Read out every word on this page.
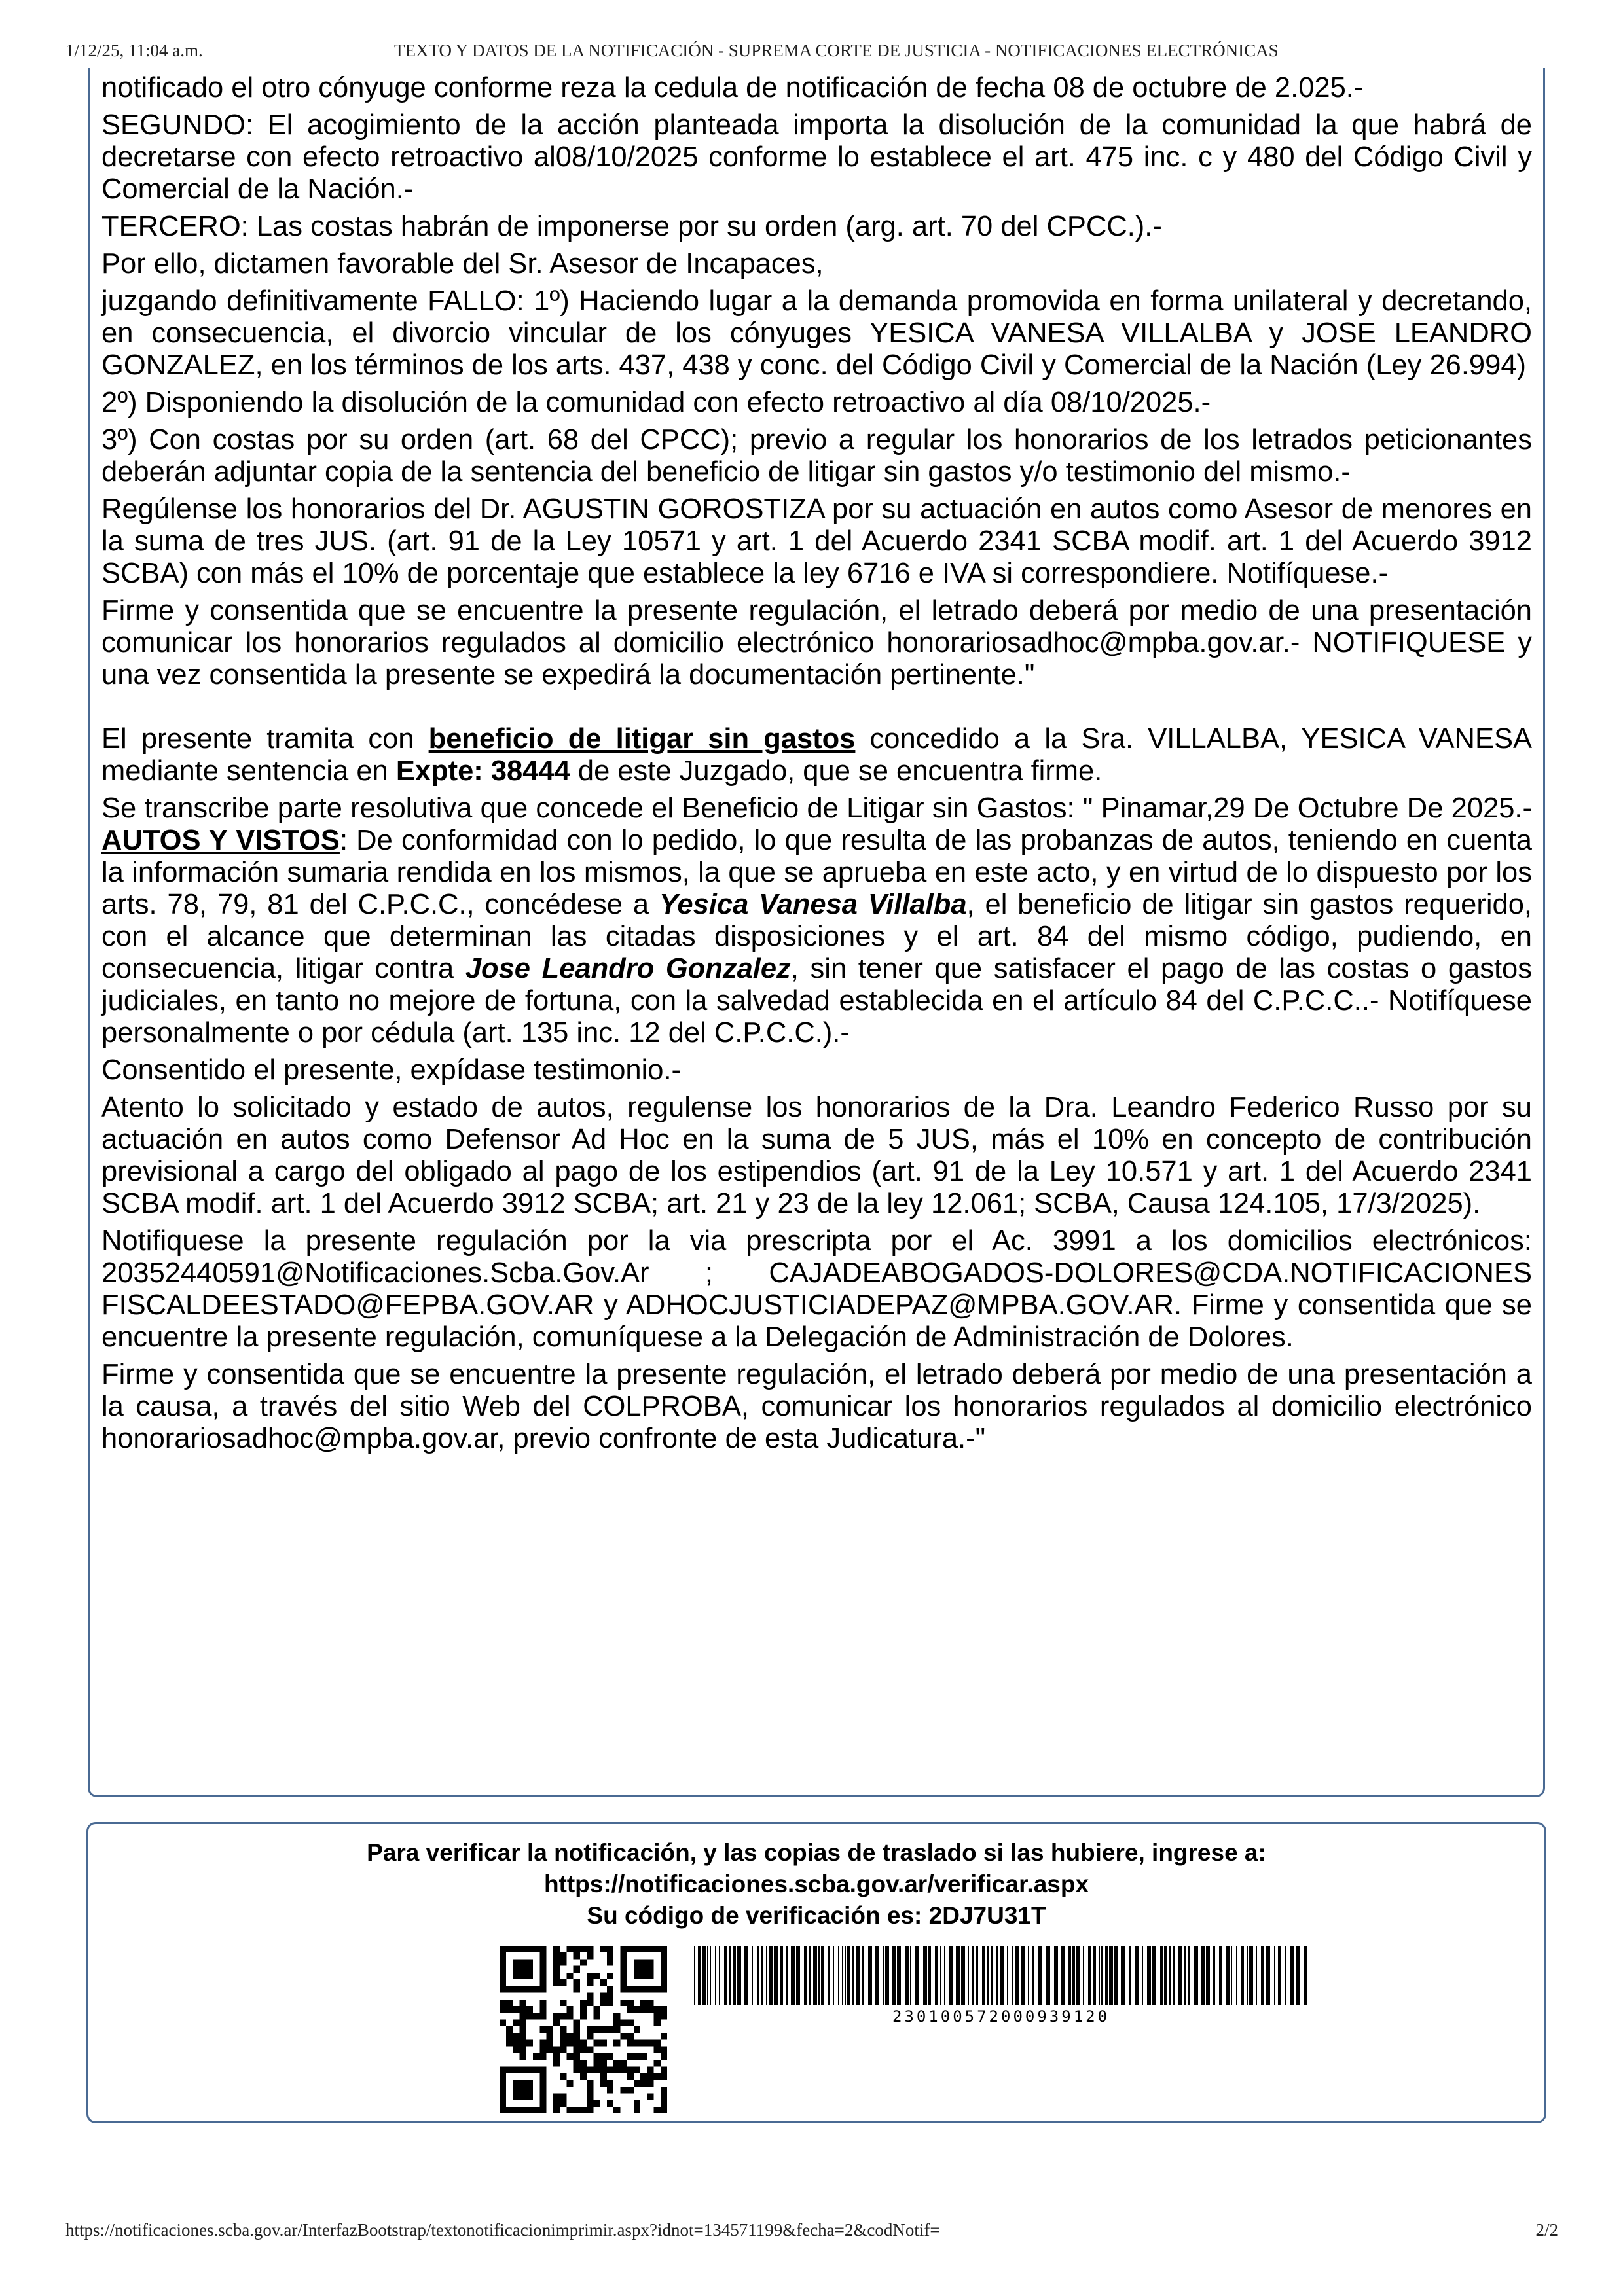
1/12/25, 11:04 a.m.	TEXTO Y DATOS DE LA NOTIFICACIÓN - SUPREMA CORTE DE JUSTICIA - NOTIFICACIONES ELECTRÓNICAS

notificado el otro cónyuge conforme reza la cedula de notificación de fecha 08 de octubre de 2.025.-

SEGUNDO: El acogimiento de la acción planteada importa la disolución de la comunidad la que habrá de decretarse con efecto retroactivo al08/10/2025 conforme lo establece el art. 475 inc. c y 480 del Código Civil y Comercial de la Nación.-

TERCERO: Las costas habrán de imponerse por su orden (arg. art. 70 del CPCC.).-

Por ello, dictamen favorable del Sr. Asesor de Incapaces,

juzgando definitivamente FALLO: 1º) Haciendo lugar a la demanda promovida en forma unilateral y decretando, en consecuencia, el divorcio vincular de los cónyuges YESICA VANESA VILLALBA y JOSE LEANDRO GONZALEZ, en los términos de los arts. 437, 438 y conc. del Código Civil y Comercial de la Nación (Ley 26.994)

2º) Disponiendo la disolución de la comunidad con efecto retroactivo al día 08/10/2025.-

3º) Con costas por su orden (art. 68 del CPCC); previo a regular los honorarios de los letrados peticionantes deberán adjuntar copia de la sentencia del beneficio de litigar sin gastos y/o testimonio del mismo.-

Regúlense los honorarios del Dr. AGUSTIN GOROSTIZA por su actuación en autos como Asesor de menores en la suma de tres JUS. (art. 91 de la Ley 10571 y art. 1 del Acuerdo 2341 SCBA modif. art. 1 del Acuerdo 3912 SCBA) con más el 10% de porcentaje que establece la ley 6716 e IVA si correspondiere. Notifíquese.-

Firme y consentida que se encuentre la presente regulación, el letrado deberá por medio de una presentación comunicar los honorarios regulados al domicilio electrónico honorariosadhoc@mpba.gov.ar.- NOTIFIQUESE y una vez consentida la presente se expedirá la documentación pertinente."

El presente tramita con beneficio de litigar sin gastos concedido a la Sra. VILLALBA, YESICA VANESA mediante sentencia en Expte: 38444 de este Juzgado, que se encuentra firme.

Se transcribe parte resolutiva que concede el Beneficio de Litigar sin Gastos: " Pinamar,29 De Octubre De 2025.- AUTOS Y VISTOS: De conformidad con lo pedido, lo que resulta de las probanzas de autos, teniendo en cuenta la información sumaria rendida en los mismos, la que se aprueba en este acto, y en virtud de lo dispuesto por los arts. 78, 79, 81 del C.P.C.C., concédese a Yesica Vanesa Villalba, el beneficio de litigar sin gastos requerido, con el alcance que determinan las citadas disposiciones y el art. 84 del mismo código, pudiendo, en consecuencia, litigar contra Jose Leandro Gonzalez, sin tener que satisfacer el pago de las costas o gastos judiciales, en tanto no mejore de fortuna, con la salvedad establecida en el artículo 84 del C.P.C.C..- Notifíquese personalmente o por cédula (art. 135 inc. 12 del C.P.C.C.).-

Consentido el presente, expídase testimonio.-

Atento lo solicitado y estado de autos, regulense los honorarios de la Dra. Leandro Federico Russo por su actuación en autos como Defensor Ad Hoc en la suma de 5 JUS, más el 10% en concepto de contribución previsional a cargo del obligado al pago de los estipendios (art. 91 de la Ley 10.571 y art. 1 del Acuerdo 2341 SCBA modif. art. 1 del Acuerdo 3912 SCBA; art. 21 y 23 de la ley 12.061; SCBA, Causa 124.105, 17/3/2025).

Notifiquese la presente regulación por la via prescripta por el Ac. 3991 a los domicilios electrónicos: 20352440591@Notificaciones.Scba.Gov.Ar ; CAJADEABOGADOS-DOLORES@CDA.NOTIFICACIONES FISCALDEESTADO@FEPBA.GOV.AR y ADHOCJUSTICIADEPAZ@MPBA.GOV.AR. Firme y consentida que se encuentre la presente regulación, comuníquese a la Delegación de Administración de Dolores.

Firme y consentida que se encuentre la presente regulación, el letrado deberá por medio de una presentación a la causa, a través del sitio Web del COLPROBA, comunicar los honorarios regulados al domicilio electrónico honorariosadhoc@mpba.gov.ar, previo confronte de esta Judicatura.-"

Para verificar la notificación, y las copias de traslado si las hubiere, ingrese a:
https://notificaciones.scba.gov.ar/verificar.aspx
Su código de verificación es: 2DJ7U31T
230100572000939120
https://notificaciones.scba.gov.ar/InterfazBootstrap/textonotificacionimprimir.aspx?idnot=134571199&fecha=2&codNotif=	2/2
